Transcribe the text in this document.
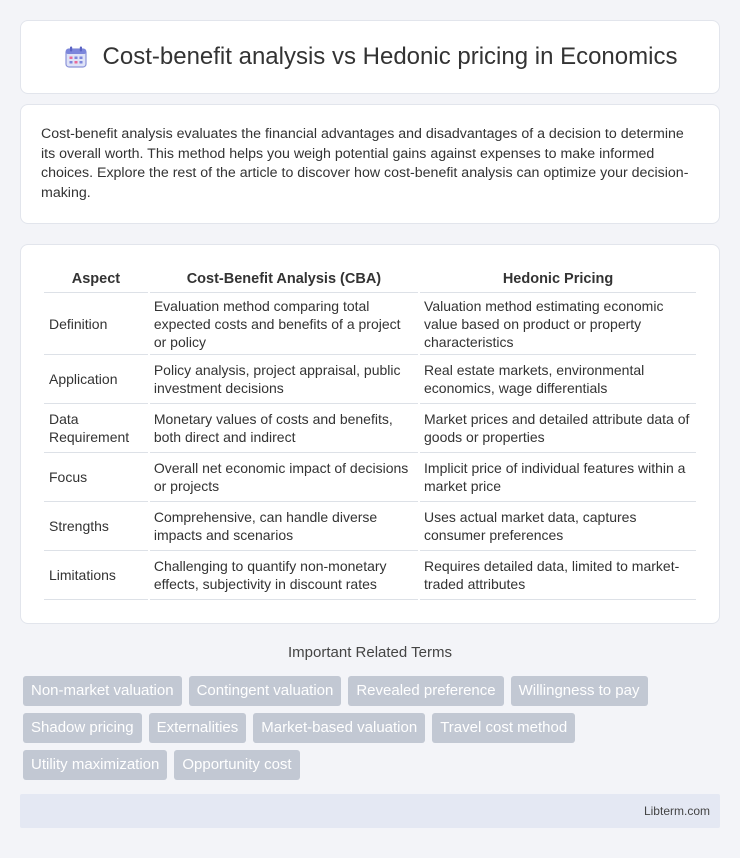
Cost-benefit analysis vs Hedonic pricing in Economics

Cost-benefit analysis evaluates the financial advantages and disadvantages of a decision to determine its overall worth. This method helps you weigh potential gains against expenses to make informed choices. Explore the rest of the article to discover how cost-benefit analysis can optimize your decision-making.

Aspect	Cost-Benefit Analysis (CBA)	Hedonic Pricing
Definition	Evaluation method comparing total expected costs and benefits of a project or policy	Valuation method estimating economic value based on product or property characteristics
Application	Policy analysis, project appraisal, public investment decisions	Real estate markets, environmental economics, wage differentials
Data Requirement	Monetary values of costs and benefits, both direct and indirect	Market prices and detailed attribute data of goods or properties
Focus	Overall net economic impact of decisions or projects	Implicit price of individual features within a market price
Strengths	Comprehensive, can handle diverse impacts and scenarios	Uses actual market data, captures consumer preferences
Limitations	Challenging to quantify non-monetary effects, subjectivity in discount rates	Requires detailed data, limited to market-traded attributes
Important Related Terms
Non-market valuation	Contingent valuation	Revealed preference	Willingness to pay
Shadow pricing	Externalities	Market-based valuation	Travel cost method
Utility maximization	Opportunity cost
Libterm.com
